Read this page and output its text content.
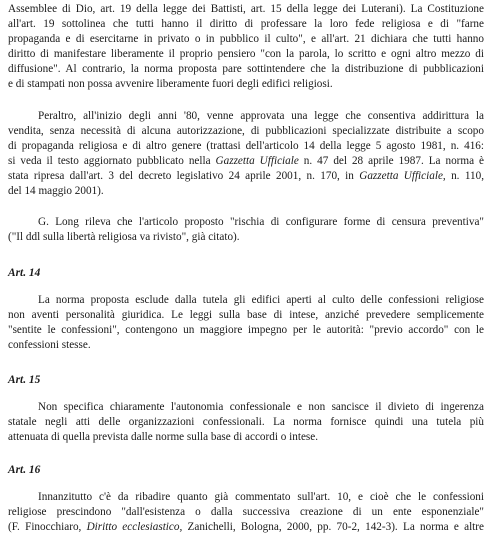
Assemblee di Dio, art. 19 della legge dei Battisti, art. 15 della legge dei Luterani). La Costituzione
all'art. 19 sottolinea che tutti hanno il diritto di professare la loro fede religiosa e di "farne
propaganda e di esercitarne in privato o in pubblico il culto", e all'art. 21 dichiara che tutti hanno
diritto di manifestare liberamente il proprio pensiero "con la parola, lo scritto e ogni altro mezzo di
diffusione". Al contrario, la norma proposta pare sottintendere che la distribuzione di pubblicazioni
e di stampati non possa avvenire liberamente fuori degli edifici religiosi.

Peraltro, all'inizio degli anni '80, venne approvata una legge che consentiva addirittura la
vendita, senza necessità di alcuna autorizzazione, di pubblicazioni specializzate distribuite a scopo
di propaganda religiosa e di altro genere (trattasi dell'articolo 14 della legge 5 agosto 1981, n. 416:
si veda il testo aggiornato pubblicato nella Gazzetta Ufficiale n. 47 del 28 aprile 1987. La norma è
stata ripresa dall'art. 3 del decreto legislativo 24 aprile 2001, n. 170, in Gazzetta Ufficiale, n. 110,
del 14 maggio 2001).

G. Long rileva che l'articolo proposto "rischia di configurare forme di censura preventiva"
("Il ddl sulla libertà religiosa va rivisto", già citato).

Art. 14

La norma proposta esclude dalla tutela gli edifici aperti al culto delle confessioni religiose
non aventi personalità giuridica. Le leggi sulla base di intese, anziché prevedere semplicemente
"sentite le confessioni", contengono un maggiore impegno per le autorità: "previo accordo" con le
confessioni stesse.

Art. 15

Non specifica chiaramente l'autonomia confessionale e non sancisce il divieto di ingerenza
statale negli atti delle organizzazioni confessionali. La norma fornisce quindi una tutela più
attenuata di quella prevista dalle norme sulla base di accordi o intese.

Art. 16

Innanzitutto c'è da ribadire quanto già commentato sull'art. 10, e cioè che le confessioni
religiose prescindono "dall'esistenza o dalla successiva creazione di un ente esponenziale"
(F. Finocchiaro, Diritto ecclesiastico, Zanichelli, Bologna, 2000, pp. 70-2, 142-3). La norma e altre
